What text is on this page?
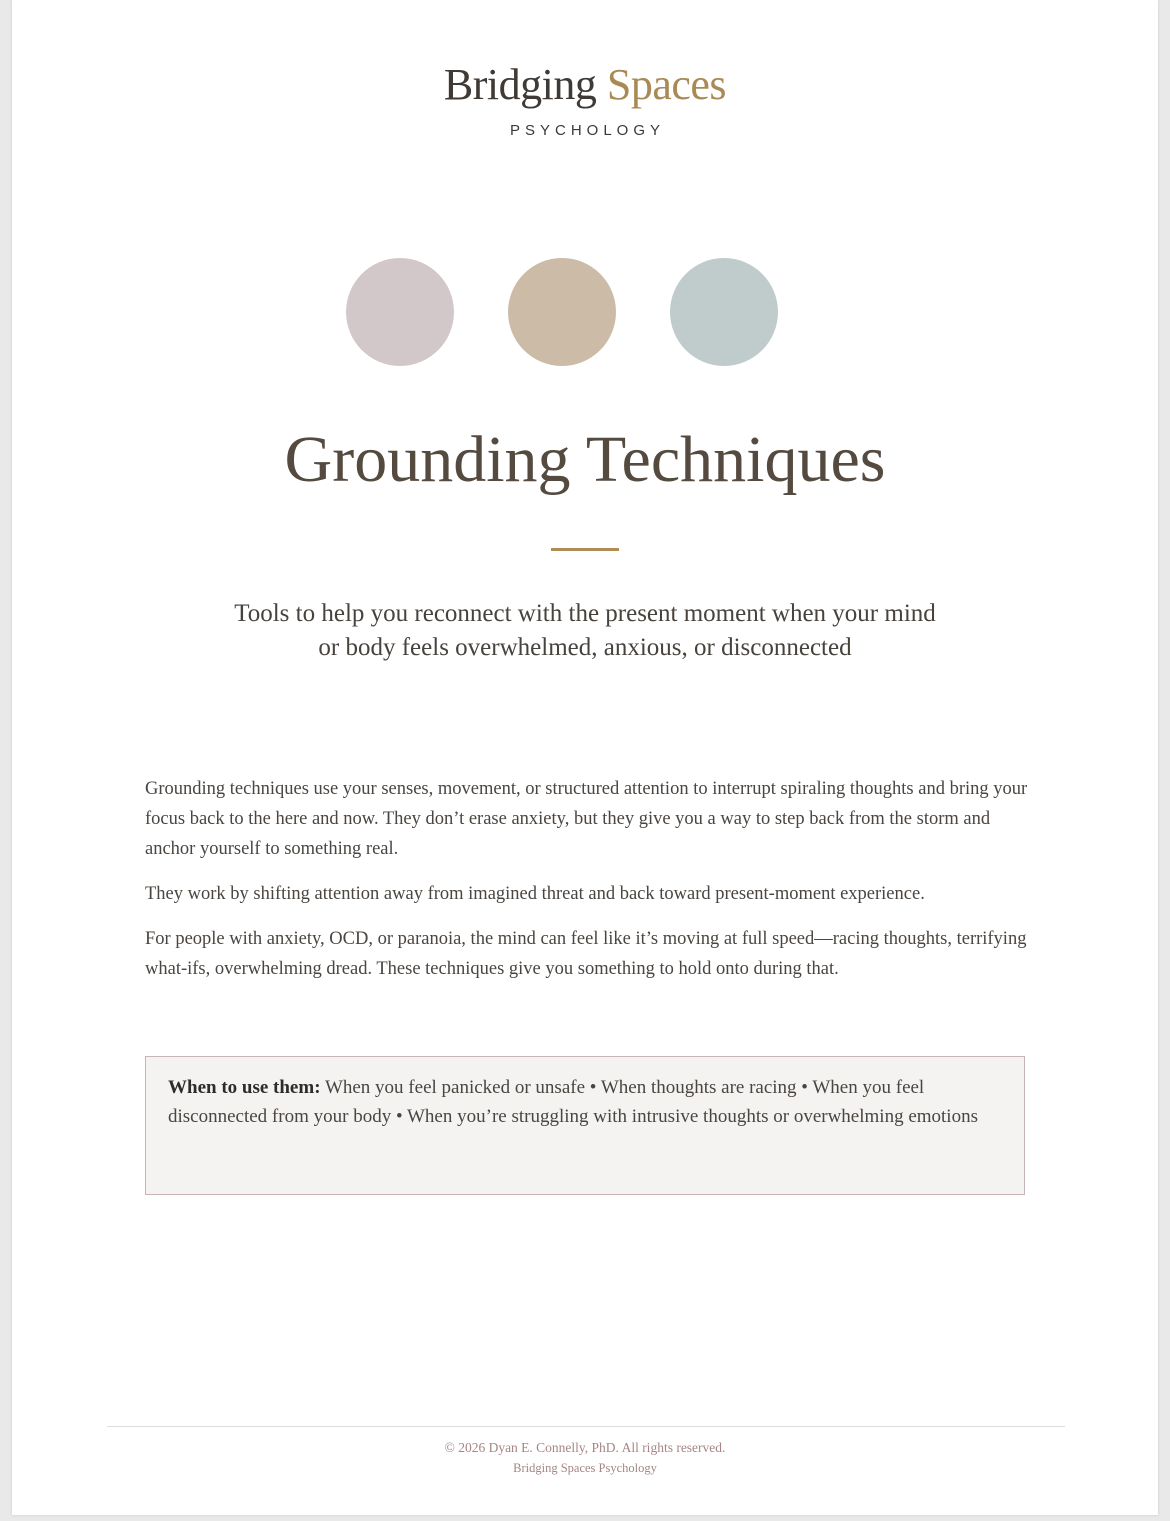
Bridging Spaces
PSYCHOLOGY
Grounding Techniques

Tools to help you reconnect with the present moment when your mind
or body feels overwhelmed, anxious, or disconnected

Grounding techniques use your senses, movement, or structured attention to interrupt spiraling thoughts and bring your focus back to the here and now. They don’t erase anxiety, but they give you a way to step back from the storm and anchor yourself to something real.

They work by shifting attention away from imagined threat and back toward present-moment experience.

For people with anxiety, OCD, or paranoia, the mind can feel like it’s moving at full speed—racing thoughts, terrifying what-ifs, overwhelming dread. These techniques give you something to hold onto during that.

When to use them: When you feel panicked or unsafe • When thoughts are racing • When you feel disconnected from your body • When you’re struggling with intrusive thoughts or overwhelming emotions
© 2026 Dyan E. Connelly, PhD. All rights reserved.
Bridging Spaces Psychology
